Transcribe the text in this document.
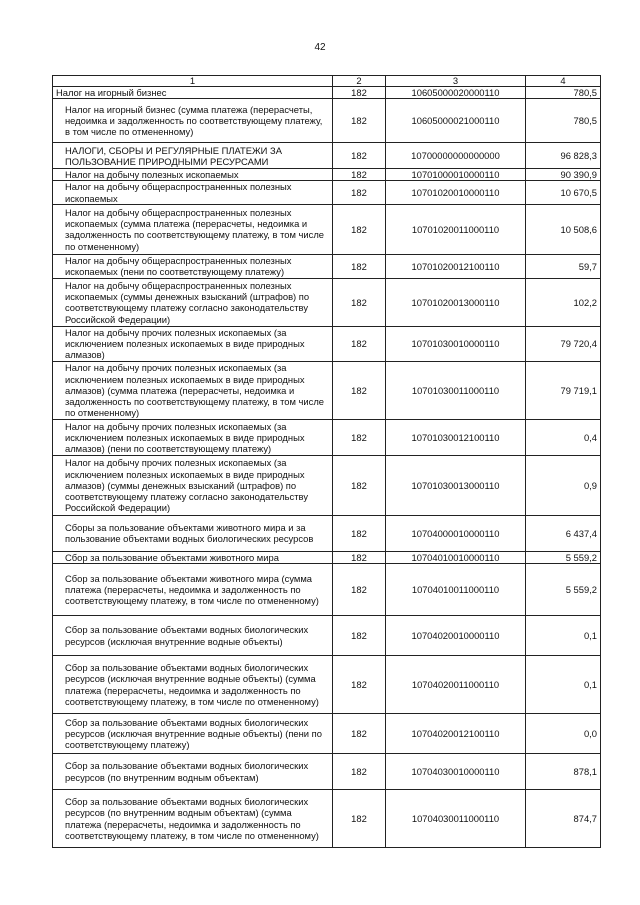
42
1	2	3	4
Налог на игорный бизнес	182	10605000020000110	780,5
Налог на игорный бизнес (сумма платежа (перерасчеты, недоимка и задолженность по соответствующему платежу, в том числе по отмененному)	182	10605000021000110	780,5
НАЛОГИ, СБОРЫ И РЕГУЛЯРНЫЕ ПЛАТЕЖИ ЗА ПОЛЬЗОВАНИЕ ПРИРОДНЫМИ РЕСУРСАМИ	182	10700000000000000	96 828,3
Налог на добычу полезных ископаемых	182	10701000010000110	90 390,9
Налог на добычу общераспространенных полезных ископаемых	182	10701020010000110	10 670,5
Налог на добычу общераспространенных полезных ископаемых (сумма платежа (перерасчеты, недоимка и задолженность по соответствующему платежу, в том числе по отмененному)	182	10701020011000110	10 508,6
Налог на добычу общераспространенных полезных ископаемых (пени по соответствующему платежу)	182	10701020012100110	59,7
Налог на добычу общераспространенных полезных ископаемых (суммы денежных взысканий (штрафов) по соответствующему платежу согласно законодательству Российской Федерации)	182	10701020013000110	102,2
Налог на добычу прочих полезных ископаемых (за исключением полезных ископаемых в виде природных алмазов)	182	10701030010000110	79 720,4
Налог на добычу прочих полезных ископаемых (за исключением полезных ископаемых в виде природных алмазов) (сумма платежа (перерасчеты, недоимка и задолженность по соответствующему платежу, в том числе по отмененному)	182	10701030011000110	79 719,1
Налог на добычу прочих полезных ископаемых (за исключением полезных ископаемых в виде природных алмазов) (пени по соответствующему платежу)	182	10701030012100110	0,4
Налог на добычу прочих полезных ископаемых (за исключением полезных ископаемых в виде природных алмазов) (суммы денежных взысканий (штрафов) по соответствующему платежу согласно законодательству Российской Федерации)	182	10701030013000110	0,9
Сборы за пользование объектами животного мира и за пользование объектами водных биологических ресурсов	182	10704000010000110	6 437,4
Сбор за пользование объектами животного мира	182	10704010010000110	5 559,2
Сбор за пользование объектами животного мира (сумма платежа (перерасчеты, недоимка и задолженность по соответствующему платежу, в том числе по отмененному)	182	10704010011000110	5 559,2
Сбор за пользование объектами водных биологических ресурсов (исключая внутренние водные объекты)	182	10704020010000110	0,1
Сбор за пользование объектами водных биологических ресурсов (исключая внутренние водные объекты) (сумма платежа (перерасчеты, недоимка и задолженность по соответствующему платежу, в том числе по отмененному)	182	10704020011000110	0,1
Сбор за пользование объектами водных биологических ресурсов (исключая внутренние водные объекты) (пени по соответствующему платежу)	182	10704020012100110	0,0
Сбор за пользование объектами водных биологических ресурсов (по внутренним водным объектам)	182	10704030010000110	878,1
Сбор за пользование объектами водных биологических ресурсов (по внутренним водным объектам) (сумма платежа (перерасчеты, недоимка и задолженность по соответствующему платежу, в том числе по отмененному)	182	10704030011000110	874,7
